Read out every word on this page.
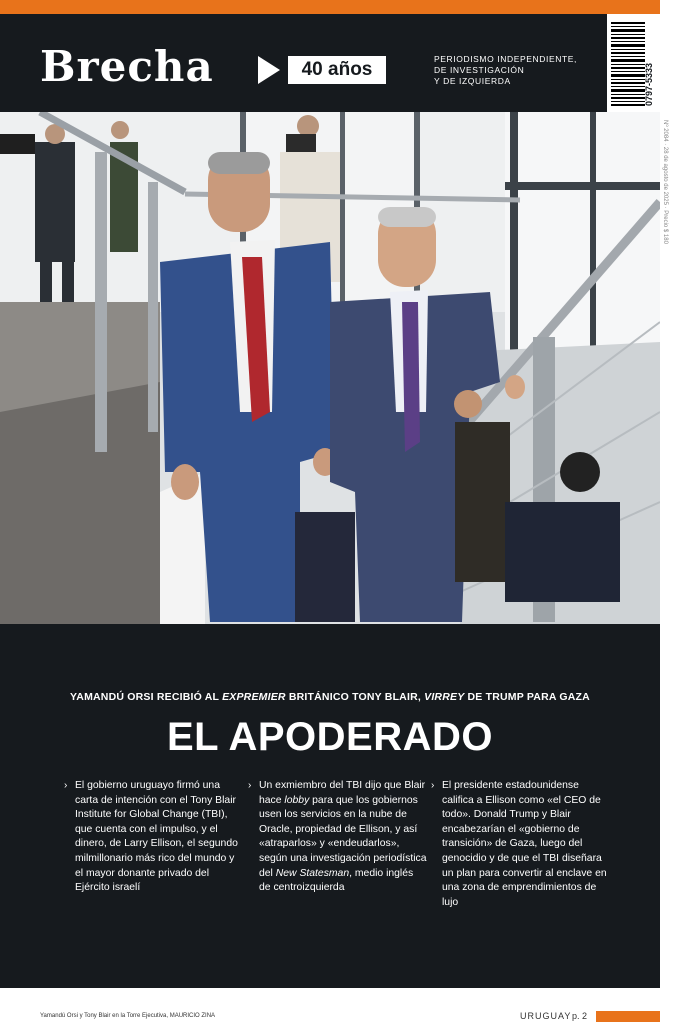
Brecha	40 años	PERIODISMO INDEPENDIENTE,
DE INVESTIGACIÓN
Y DE IZQUIERDA	0797-5333
Nº 2084 · 28 de agosto de 2025 · Precio $ 180
YAMANDÚ ORSI RECIBIÓ AL EXPREMIER BRITÁNICO TONY BLAIR, VIRREY DE TRUMP PARA GAZA
EL APODERADO
› El gobierno uruguayo firmó una carta de intención con el Tony Blair Institute for Global Change (TBI), que cuenta con el impulso, y el dinero, de Larry Ellison, el segundo milmillonario más rico del mundo y el mayor donante privado del Ejército israelí
› Un exmiembro del TBI dijo que Blair hace lobby para que los gobiernos usen los servicios en la nube de Oracle, propiedad de Ellison, y así «atraparlos» y «endeudarlos», según una investigación periodística del New Statesman, medio inglés de centroizquierda
› El presidente estadounidense califica a Ellison como «el CEO de todo». Donald Trump y Blair encabezarían el «gobierno de transición» de Gaza, luego del genocidio y de que el TBI diseñara un plan para convertir al enclave en una zona de emprendimientos de lujo
Yamandú Orsi y Tony Blair en la Torre Ejecutiva, MAURICIO ZINA	URUGUAY p. 2
